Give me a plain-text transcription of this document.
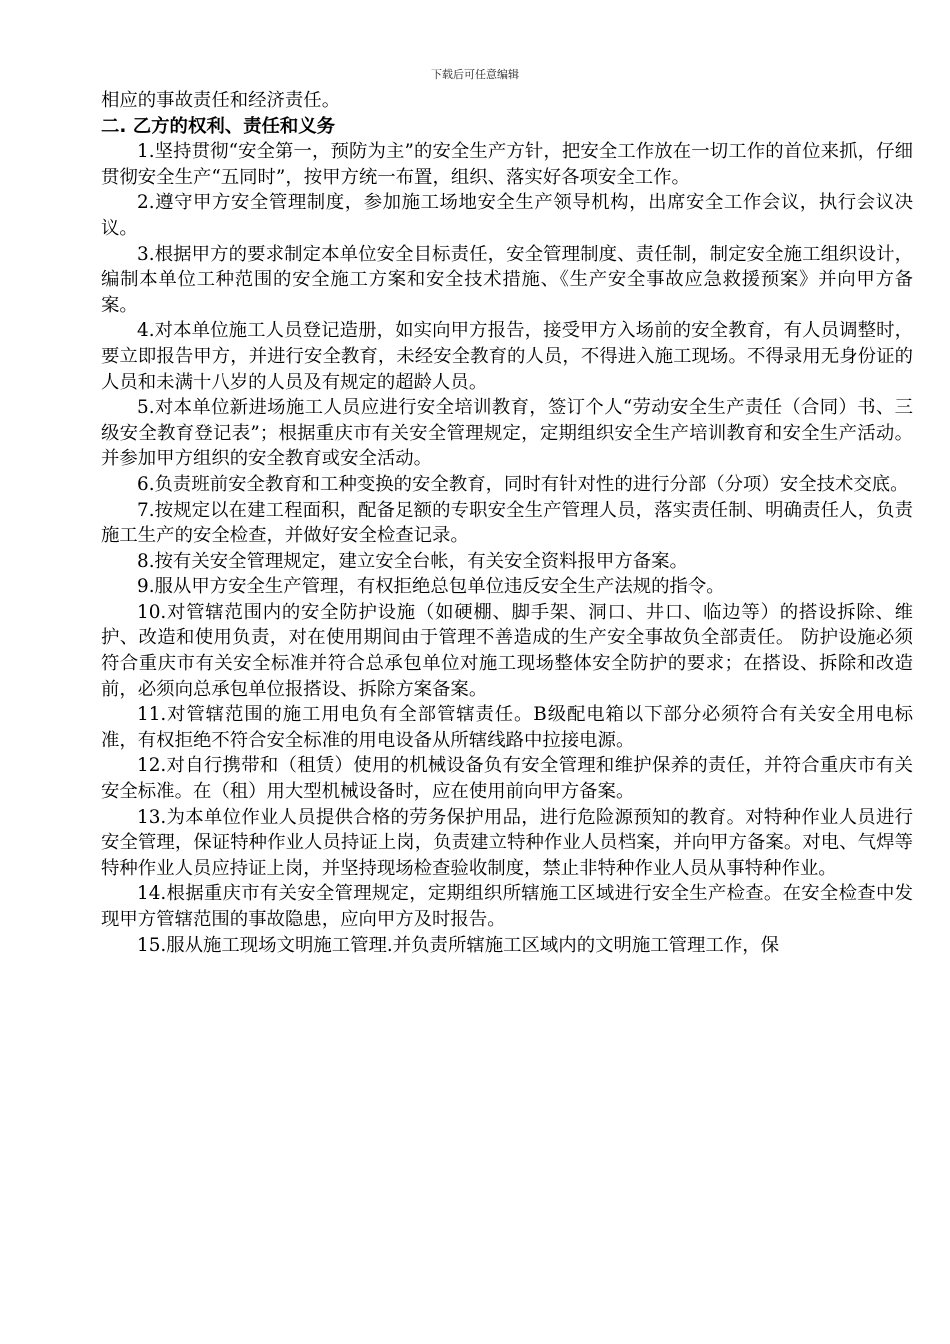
下载后可任意编辑

相应的事故责任和经济责任。

二. 乙方的权利、责任和义务

1.坚持贯彻“安全第一，预防为主”的安全生产方针，把安全工作放在一切工作的首位来抓，仔细贯彻安全生产“五同时”，按甲方统一布置，组织、落实好各项安全工作。

2.遵守甲方安全管理制度，参加施工场地安全生产领导机构，出席安全工作会议，执行会议决议。

3.根据甲方的要求制定本单位安全目标责任，安全管理制度、责任制，制定安全施工组织设计，编制本单位工种范围的安全施工方案和安全技术措施、《生产安全事故应急救援预案》并向甲方备案。

4.对本单位施工人员登记造册，如实向甲方报告，接受甲方入场前的安全教育，有人员调整时，要立即报告甲方，并进行安全教育，未经安全教育的人员，不得进入施工现场。不得录用无身份证的人员和未满十八岁的人员及有规定的超龄人员。

5.对本单位新进场施工人员应进行安全培训教育，签订个人“劳动安全生产责任（合同）书、三级安全教育登记表”；根据重庆市有关安全管理规定，定期组织安全生产培训教育和安全生产活动。并参加甲方组织的安全教育或安全活动。

6.负责班前安全教育和工种变换的安全教育，同时有针对性的进行分部（分项）安全技术交底。

7.按规定以在建工程面积，配备足额的专职安全生产管理人员，落实责任制、明确责任人，负责施工生产的安全检查，并做好安全检查记录。

8.按有关安全管理规定，建立安全台帐，有关安全资料报甲方备案。

9.服从甲方安全生产管理，有权拒绝总包单位违反安全生产法规的指令。

10.对管辖范围内的安全防护设施（如硬棚、脚手架、洞口、井口、临边等）的搭设拆除、维护、改造和使用负责，对在使用期间由于管理不善造成的生产安全事故负全部责任。 防护设施必须符合重庆市有关安全标准并符合总承包单位对施工现场整体安全防护的要求；在搭设、拆除和改造前，必须向总承包单位报搭设、拆除方案备案。

11.对管辖范围的施工用电负有全部管辖责任。B级配电箱以下部分必须符合有关安全用电标准，有权拒绝不符合安全标准的用电设备从所辖线路中拉接电源。

12.对自行携带和（租赁）使用的机械设备负有安全管理和维护保养的责任，并符合重庆市有关安全标准。在（租）用大型机械设备时，应在使用前向甲方备案。

13.为本单位作业人员提供合格的劳务保护用品，进行危险源预知的教育。对特种作业人员进行安全管理，保证特种作业人员持证上岗，负责建立特种作业人员档案，并向甲方备案。对电、气焊等特种作业人员应持证上岗，并坚持现场检查验收制度，禁止非特种作业人员从事特种作业。

14.根据重庆市有关安全管理规定，定期组织所辖施工区域进行安全生产检查。在安全检查中发现甲方管辖范围的事故隐患，应向甲方及时报告。

15.服从施工现场文明施工管理.并负责所辖施工区域内的文明施工管理工作，保
